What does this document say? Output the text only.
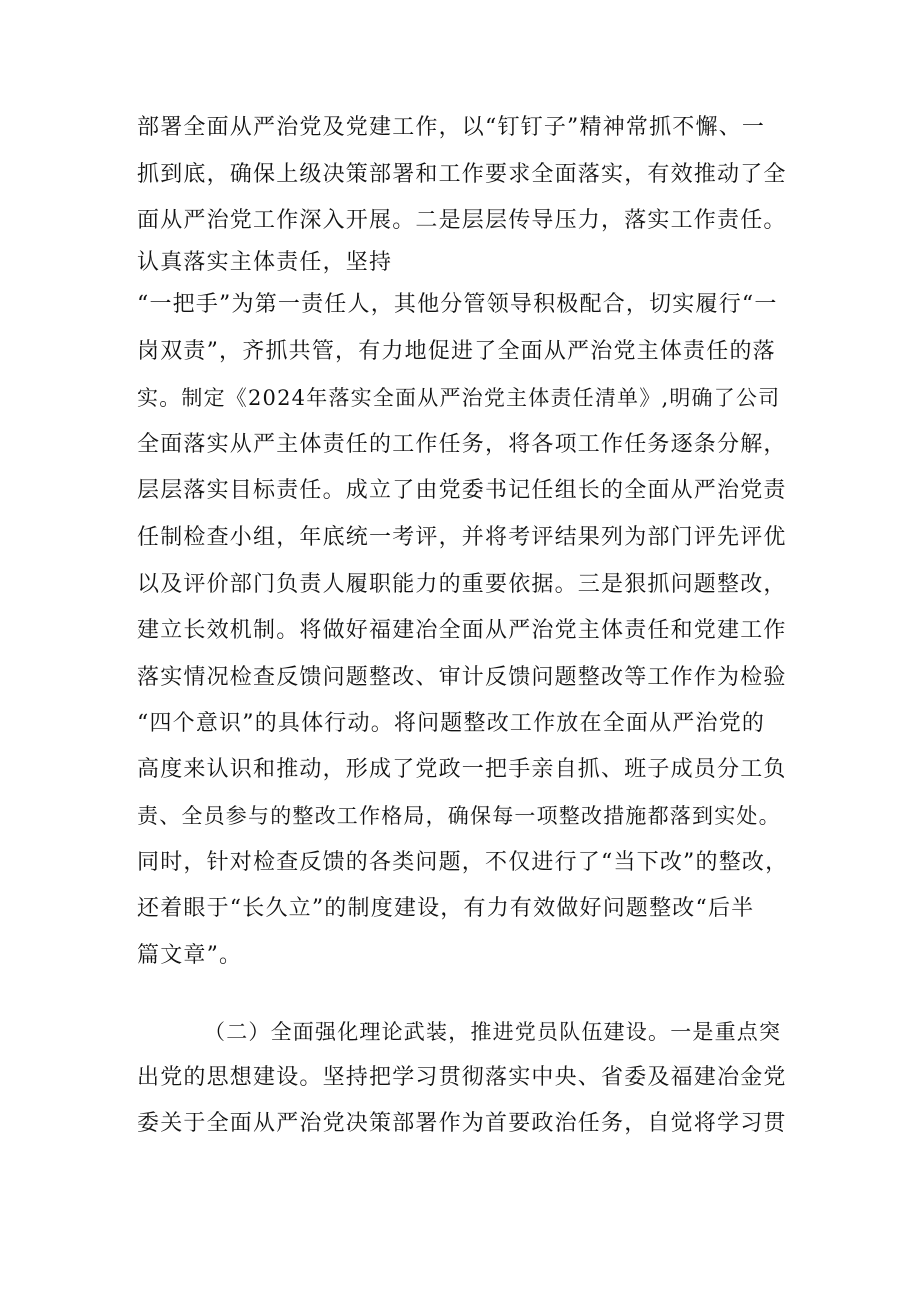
部署全面从严治党及党建工作，以“钉钉子”精神常抓不懈、一
抓到底，确保上级决策部署和工作要求全面落实，有效推动了全
面从严治党工作深入开展。二是层层传导压力，落实工作责任。
认真落实主体责任，坚持
“一把手”为第一责任人，其他分管领导积极配合，切实履行“一
岗双责”，齐抓共管，有力地促进了全面从严治党主体责任的落
实。制定《2024年落实全面从严治党主体责任清单》,明确了公司
全面落实从严主体责任的工作任务，将各项工作任务逐条分解，
层层落实目标责任。成立了由党委书记任组长的全面从严治党责
任制检查小组，年底统一考评，并将考评结果列为部门评先评优
以及评价部门负责人履职能力的重要依据。三是狠抓问题整改，
建立长效机制。将做好福建冶全面从严治党主体责任和党建工作
落实情况检查反馈问题整改、审计反馈问题整改等工作作为检验
“四个意识”的具体行动。将问题整改工作放在全面从严治党的
高度来认识和推动，形成了党政一把手亲自抓、班子成员分工负
责、全员参与的整改工作格局，确保每一项整改措施都落到实处。
同时，针对检查反馈的各类问题，不仅进行了“当下改”的整改，
还着眼于“长久立”的制度建设，有力有效做好问题整改“后半
篇文章”。
（二）全面强化理论武装，推进党员队伍建设。一是重点突
出党的思想建设。坚持把学习贯彻落实中央、省委及福建冶金党
委关于全面从严治党决策部署作为首要政治任务，自觉将学习贯
